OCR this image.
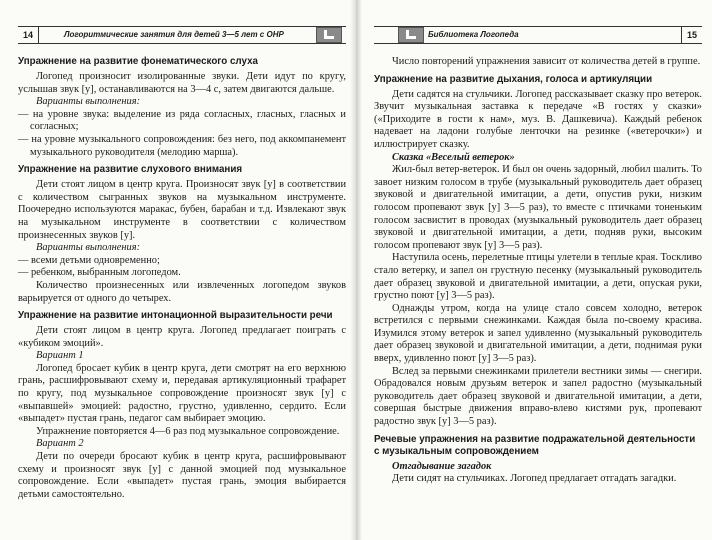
14	Логоритмические занятия для детей 3—5 лет с ОНР
Упражнение на развитие фонематического слуха

Логопед произносит изолированные звуки. Дети идут по кругу, услышав звук [у], останавливаются на 3—4 с, затем двигаются дальше.

Варианты выполнения:

— на уровне звука: выделение из ряда согласных, гласных, гласных и согласных;

— на уровне музыкального сопровождения: без него, под аккомпанемент музыкального руководителя (мелодию марша).

Упражнение на развитие слухового внимания

Дети стоят лицом в центр круга. Произносят звук [у] в соответствии с количеством сыгранных звуков на музыкальном инструменте. Поочередно используются маракас, бубен, барабан и т.д. Извлекают звук на музыкальном инструменте в соответствии с количеством произнесенных звуков [у].

Варианты выполнения:

— всеми детьми одновременно;

— ребенком, выбранным логопедом.

Количество произнесенных или извлеченных логопедом звуков варьируется от одного до четырех.

Упражнение на развитие интонационной выразительности речи

Дети стоят лицом в центр круга. Логопед предлагает поиграть с «кубиком эмоций».

Вариант 1

Логопед бросает кубик в центр круга, дети смотрят на его верхнюю грань, расшифровывают схему и, передавая артикуляционный трафарет по кругу, под музыкальное сопровождение произносят звук [у] с «выпавшей» эмоцией: радостно, грустно, удивленно, сердито. Если «выпадет» пустая грань, педагог сам выбирает эмоцию.

Упражнение повторяется 4—6 раз под музыкальное сопровождение.

Вариант 2

Дети по очереди бросают кубик в центр круга, расшифровывают схему и произносят звук [у] с данной эмоцией под музыкальное сопровождение. Если «выпадет» пустая грань, эмоция выбирается детьми самостоятельно.

Библиотека Логопеда	15

Число повторений упражнения зависит от количества детей в группе.

Упражнение на развитие дыхания, голоса и артикуляции

Дети садятся на стульчики. Логопед рассказывает сказку про ветерок. Звучит музыкальная заставка к передаче «В гостях у сказки» («Приходите в гости к нам», муз. В. Дашкевича). Каждый ребенок надевает на ладони голубые ленточки на резинке («ветерочки») и иллюстрирует сказку.

Сказка «Веселый ветерок»

Жил-был ветер-ветерок. И был он очень задорный, любил шалить. То завоет низким голосом в трубе (музыкальный руководитель дает образец звуковой и двигательной имитации, а дети, опустив руки, низким голосом пропевают звук [у] 3—5 раз), то вместе с птичками тоненьким голосом засвистит в проводах (музыкальный руководитель дает образец звуковой и двигательной имитации, а дети, подняв руки, высоким голосом пропевают звук [у] 3—5 раз).

Наступила осень, перелетные птицы улетели в теплые края. Тоскливо стало ветерку, и запел он грустную песенку (музыкальный руководитель дает образец звуковой и двигательной имитации, а дети, опуская руки, грустно поют [у] 3—5 раз).

Однажды утром, когда на улице стало совсем холодно, ветерок встретился с первыми снежинками. Каждая была по-своему красива. Изумился этому ветерок и запел удивленно (музыкальный руководитель дает образец звуковой и двигательной имитации, а дети, поднимая руки вверх, удивленно поют [у] 3—5 раз).

Вслед за первыми снежинками прилетели вестники зимы — снегири. Обрадовался новым друзьям ветерок и запел радостно (музыкальный руководитель дает образец звуковой и двигательной имитации, а дети, совершая быстрые движения вправо-влево кистями рук, пропевают радостно звук [у] 3—5 раз).

Речевые упражнения на развитие подражательной деятельности с музыкальным сопровождением

Отгадывание загадок

Дети сидят на стульчиках. Логопед предлагает отгадать загадки.
